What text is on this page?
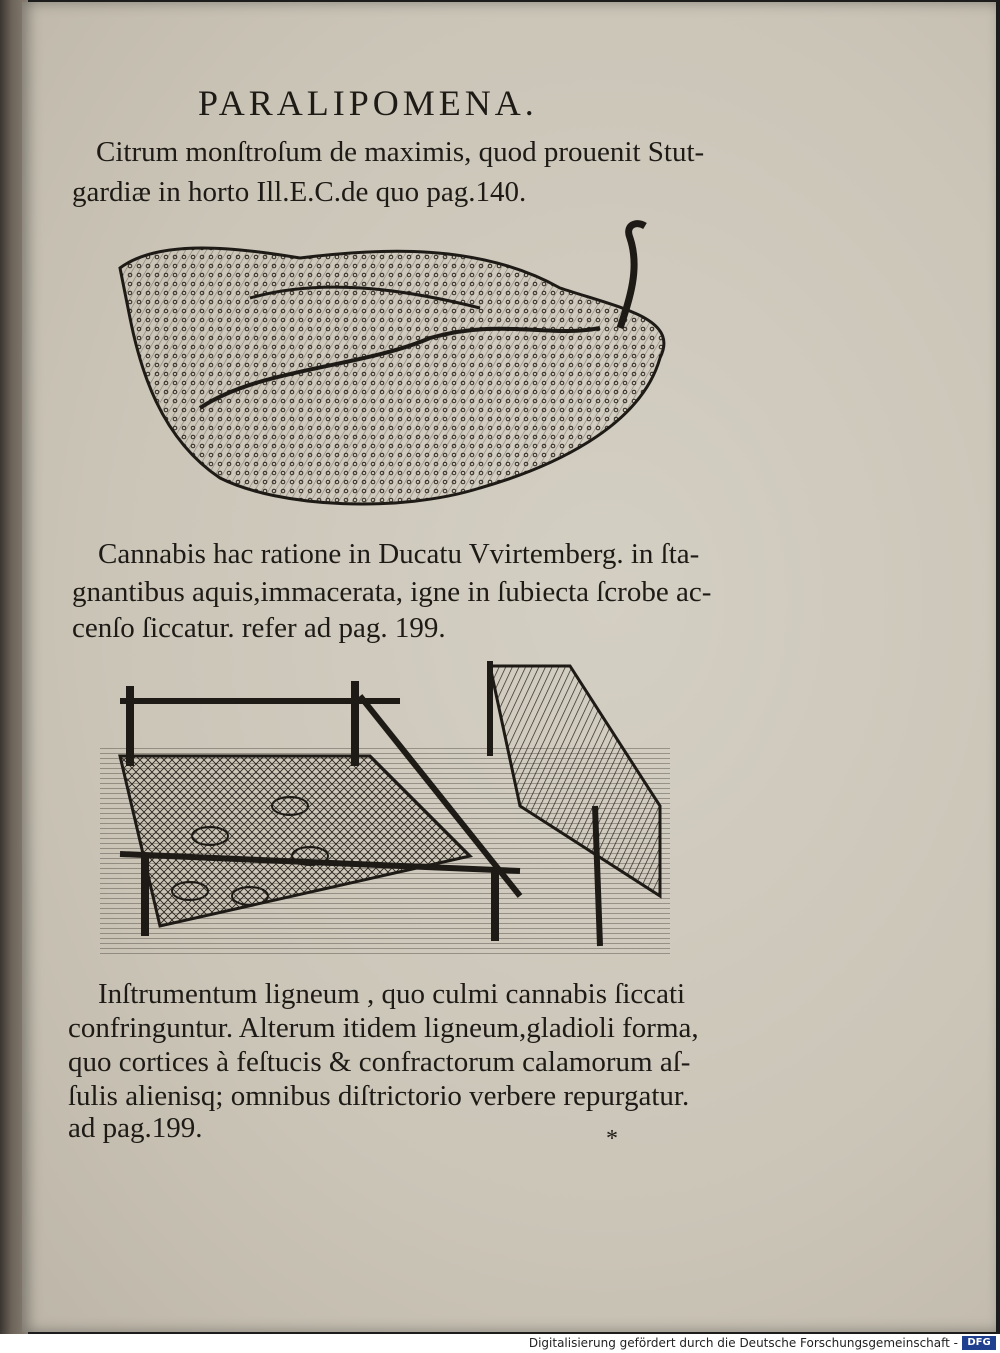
PARALIPOMENA.
Citrum monſtroſum de maximis, quod prouenit Stut-
gardiæ in horto Ill.E.C.de quo pag.140.
Cannabis hac ratione in Ducatu Vvirtemberg. in ſta-
gnantibus aquis,immacerata, igne in ſubiecta ſcrobe ac-
cenſo ſiccatur. refer ad pag. 199.
Inſtrumentum ligneum , quo culmi cannabis ſiccati
confringuntur. Alterum itidem ligneum,gladioli forma,
quo cortices à feſtucis & confractorum calamorum aſ-
ſulis alienisq; omnibus diſtrictorio verbere repurgatur.
ad pag.199.	*
Digitalisierung gefördert durch die Deutsche Forschungsgemeinschaft - DFG
